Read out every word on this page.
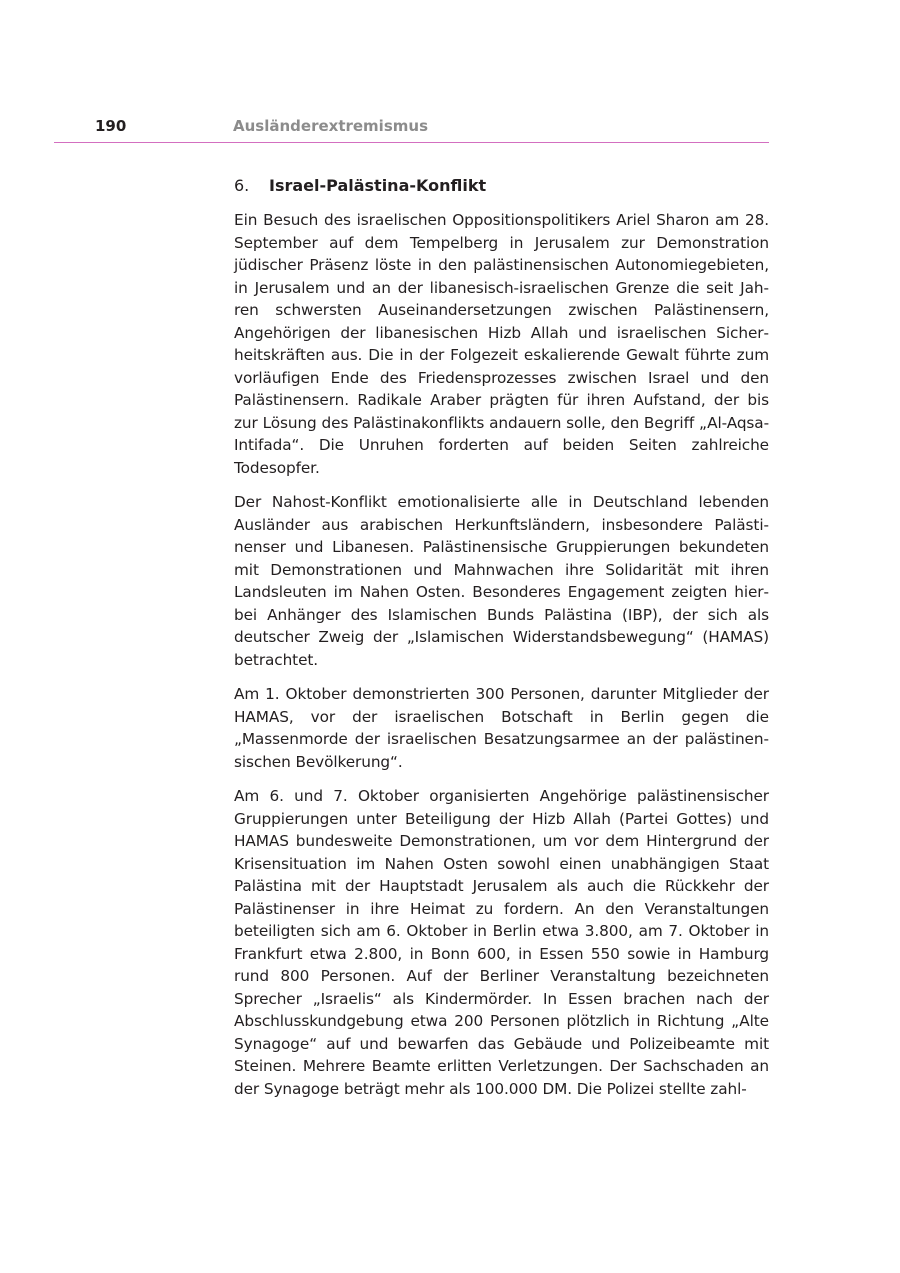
190	Ausländerextremismus
6.	Israel-Palästina-Konflikt

Ein Besuch des israelischen Oppositionspolitikers Ariel Sharon am 28. September auf dem Tempelberg in Jerusalem zur Demonstration jüdischer Präsenz löste in den palästinensischen Autonomiegebieten, in Jerusalem und an der libanesisch-israelischen Grenze die seit Jahren schwersten Auseinandersetzungen zwischen Palästinensern, Angehörigen der libanesischen Hizb Allah und israelischen Sicherheitskräften aus. Die in der Folgezeit eskalierende Gewalt führte zum vorläufigen Ende des Friedensprozesses zwischen Israel und den Palästinensern. Radikale Araber prägten für ihren Aufstand, der bis zur Lösung des Palästinakonflikts andauern solle, den Begriff „Al-Aqsa-Intifada“. Die Unruhen forderten auf beiden Seiten zahlreiche Todesopfer.

Der Nahost-Konflikt emotionalisierte alle in Deutschland lebenden Ausländer aus arabischen Herkunftsländern, insbesondere Palästinenser und Libanesen. Palästinensische Gruppierungen bekundeten mit Demonstrationen und Mahnwachen ihre Solidarität mit ihren Landsleuten im Nahen Osten. Besonderes Engagement zeigten hierbei Anhänger des Islamischen Bunds Palästina (IBP), der sich als deutscher Zweig der „Islamischen Widerstandsbewegung“ (HAMAS) betrachtet.

Am 1. Oktober demonstrierten 300 Personen, darunter Mitglieder der HAMAS, vor der israelischen Botschaft in Berlin gegen die „Massenmorde der israelischen Besatzungsarmee an der palästinensischen Bevölkerung“.

Am 6. und 7. Oktober organisierten Angehörige palästinensischer Gruppierungen unter Beteiligung der Hizb Allah (Partei Gottes) und HAMAS bundesweite Demonstrationen, um vor dem Hintergrund der Krisensituation im Nahen Osten sowohl einen unabhängigen Staat Palästina mit der Hauptstadt Jerusalem als auch die Rückkehr der Palästinenser in ihre Heimat zu fordern. An den Veranstaltungen beteiligten sich am 6. Oktober in Berlin etwa 3.800, am 7. Oktober in Frankfurt etwa 2.800, in Bonn 600, in Essen 550 sowie in Hamburg rund 800 Personen. Auf der Berliner Veranstaltung bezeichneten Sprecher „Israelis“ als Kindermörder. In Essen brachen nach der Abschlusskundgebung etwa 200 Personen plötzlich in Richtung „Alte Synagoge“ auf und bewarfen das Gebäude und Polizeibeamte mit Steinen. Mehrere Beamte erlitten Verletzungen. Der Sachschaden an der Synagoge beträgt mehr als 100.000 DM. Die Polizei stellte zahl-
